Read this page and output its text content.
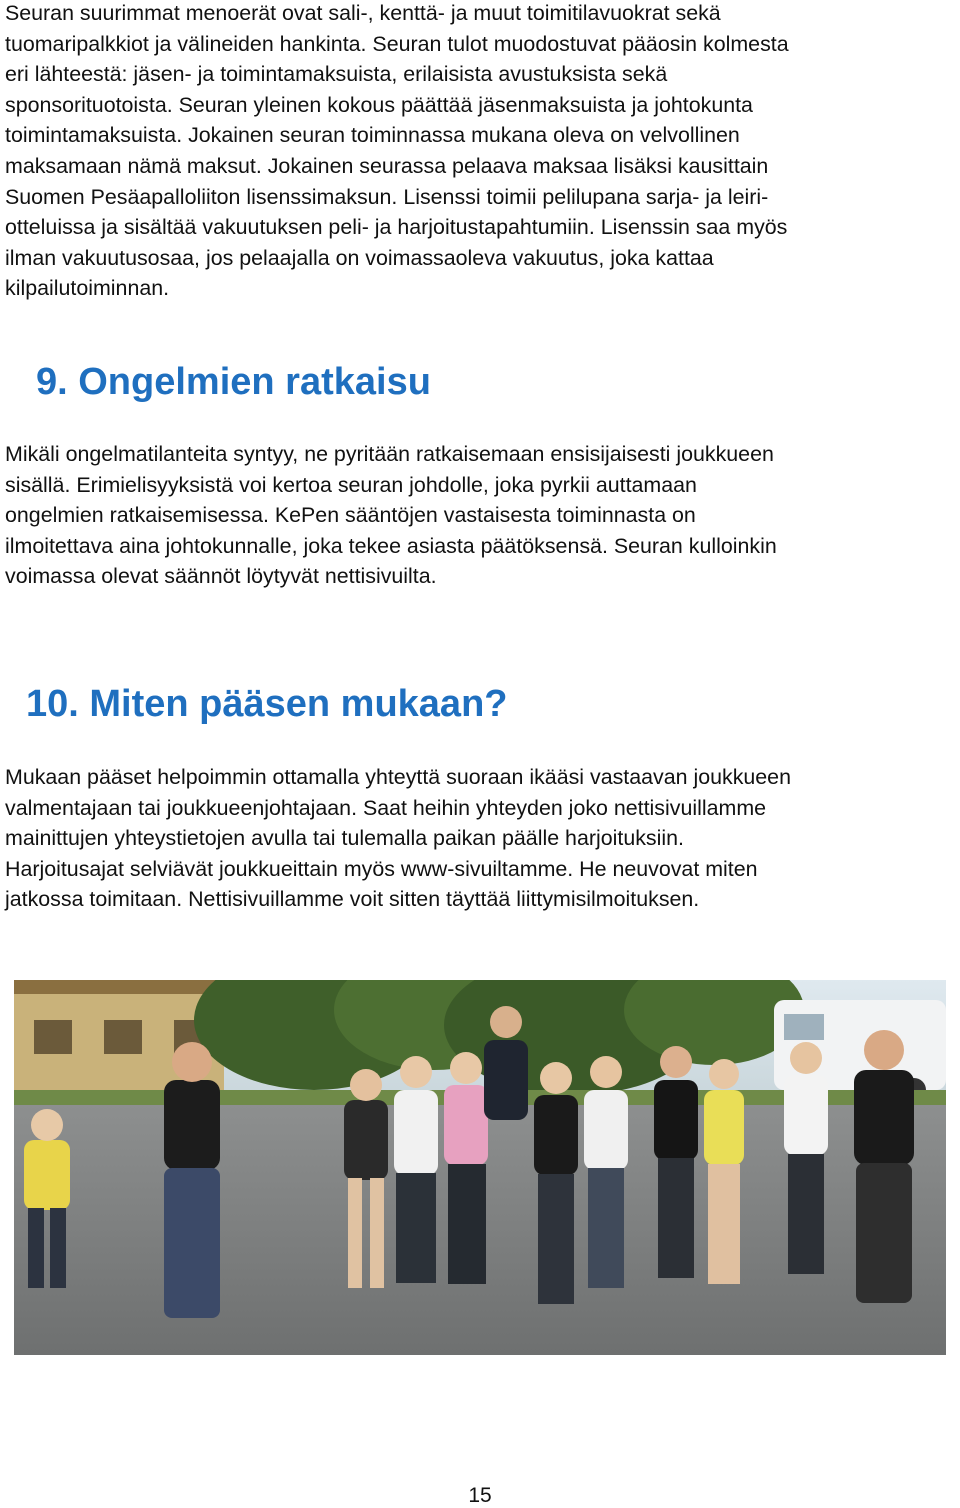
Seuran suurimmat menoerät ovat sali-, kenttä- ja muut toimitilavuokrat sekä
tuomaripalkkiot ja välineiden hankinta. Seuran tulot muodostuvat pääosin kolmesta
eri lähteestä: jäsen- ja toimintamaksuista, erilaisista avustuksista sekä
sponsorituotoista. Seuran yleinen kokous päättää jäsenmaksuista ja johtokunta
toimintamaksuista. Jokainen seuran toiminnassa mukana oleva on velvollinen
maksamaan nämä maksut. Jokainen seurassa pelaava maksaa lisäksi kausittain
Suomen Pesäapalloliiton lisenssimaksun. Lisenssi toimii pelilupana sarja- ja leiri-
otteluissa ja sisältää vakuutuksen peli- ja harjoitustapahtumiin. Lisenssin saa myös
ilman vakuutusosaa, jos pelaajalla on voimassaoleva vakuutus, joka kattaa
kilpailutoiminnan.
9. Ongelmien ratkaisu
Mikäli ongelmatilanteita syntyy, ne pyritään ratkaisemaan ensisijaisesti joukkueen
sisällä. Erimielisyyksistä voi kertoa seuran johdolle, joka pyrkii auttamaan
ongelmien ratkaisemisessa. KePen sääntöjen vastaisesta toiminnasta on
ilmoitettava aina johtokunnalle, joka tekee asiasta päätöksensä. Seuran kulloinkin
voimassa olevat säännöt löytyvät nettisivuilta.
10. Miten pääsen mukaan?
Mukaan pääset helpoimmin ottamalla yhteyttä suoraan ikääsi vastaavan joukkueen
valmentajaan tai joukkueenjohtajaan. Saat heihin yhteyden joko nettisivuillamme
mainittujen yhteystietojen avulla tai tulemalla paikan päälle harjoituksiin.
Harjoitusajat selviävät joukkueittain myös www-sivuiltamme. He neuvovat miten
jatkossa toimitaan. Nettisivuillamme voit sitten täyttää liittymisilmoituksen.
15
